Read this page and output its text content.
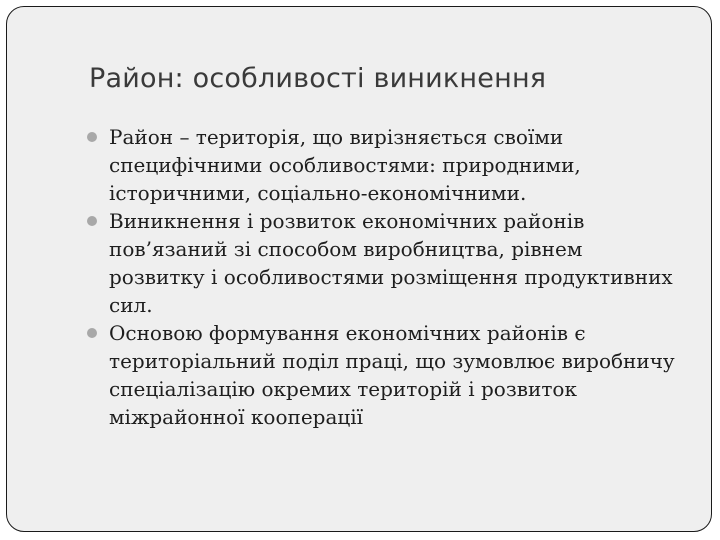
Район: особливості виникнення
Район – територія, що вирізняється своїми специфічними особливостями: природними, історичними, соціально-економічними.
Виникнення і розвиток економічних районів пов’язаний зі способом виробництва, рівнем розвитку і особливостями розміщення продуктивних сил.
Основою формування економічних районів є територіальний поділ праці, що зумовлює виробничу спеціалізацію окремих територій і розвиток міжрайонної кооперації
